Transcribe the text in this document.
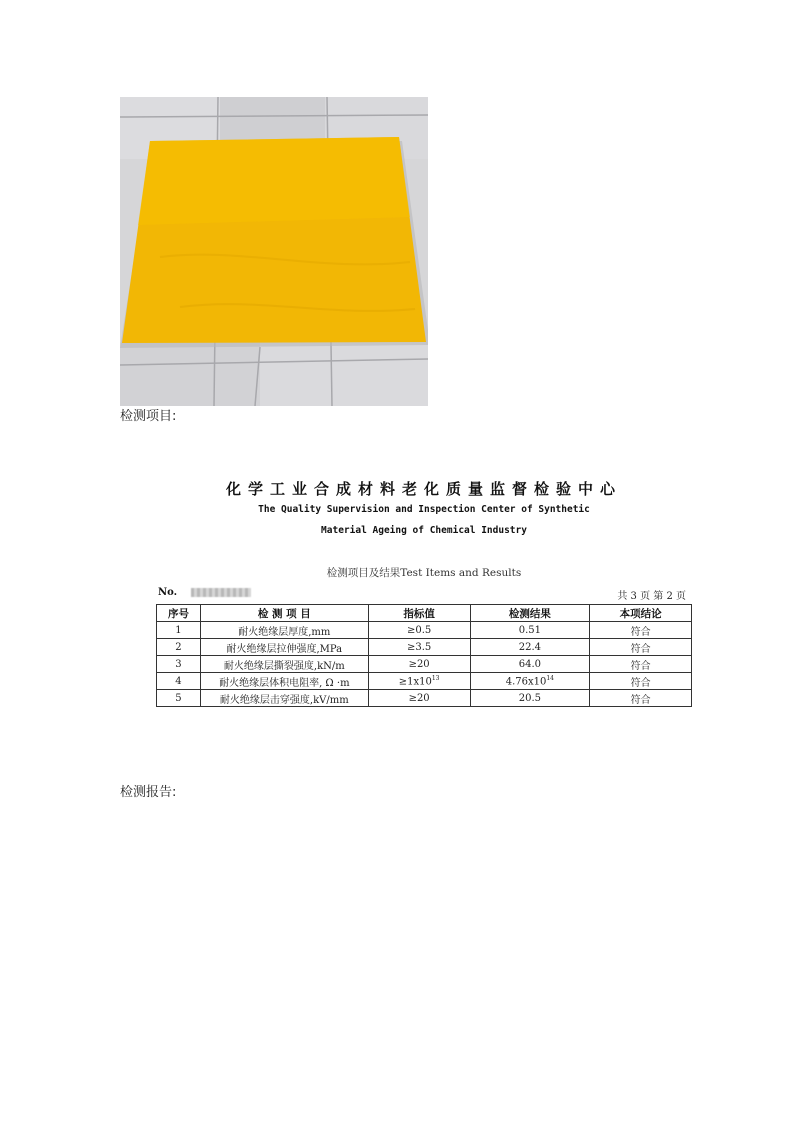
检测项目:
化学工业合成材料老化质量监督检验中心
The Quality Supervision and Inspection Center of Synthetic
Material Ageing of Chemical Industry
检测项目及结果Test Items and Results
No.	共 3 页 第 2 页
序号	检 测 项 目	指标值	检测结果	本项结论
1	耐火绝缘层厚度,mm	≥0.5	0.51	符合
2	耐火绝缘层拉伸强度,MPa	≥3.5	22.4	符合
3	耐火绝缘层撕裂强度,kN/m	≥20	64.0	符合
4	耐火绝缘层体积电阻率, Ω ·m	$\ge 1x10^{13}$	$4.76x10^{14}$	符合
5	耐火绝缘层击穿强度,kV/mm	≥20	20.5	符合
检测报告:
